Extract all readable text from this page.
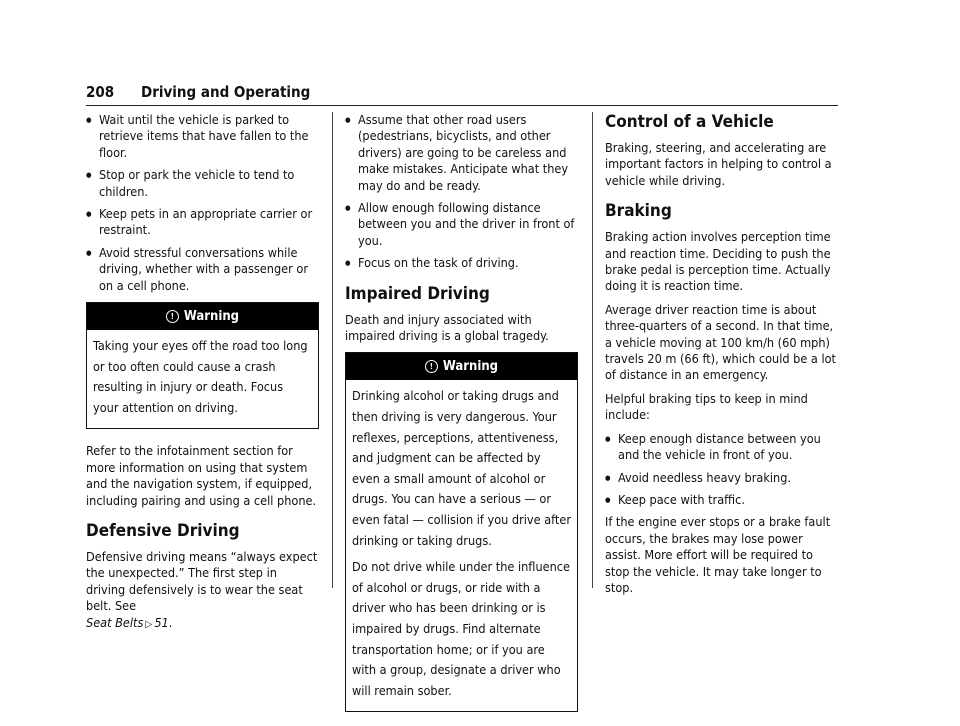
208 Driving and Operating
● Wait until the vehicle is parked to retrieve items that have fallen to the floor.
● Stop or park the vehicle to tend to children.
● Keep pets in an appropriate carrier or restraint.
● Avoid stressful conversations while driving, whether with a passenger or on a cell phone.
! Warning

Taking your eyes off the road too long or too often could cause a crash resulting in injury or death. Focus your attention on driving.

Refer to the infotainment section for more information on using that system and the navigation system, if equipped, including pairing and using a cell phone.

Defensive Driving

Defensive driving means “always expect the unexpected.” The first step in driving defensively is to wear the seat belt. See
Seat Belts ▷ 51.

● Assume that other road users (pedestrians, bicyclists, and other drivers) are going to be careless and make mistakes. Anticipate what they may do and be ready.
● Allow enough following distance between you and the driver in front of you.
● Focus on the task of driving.
Impaired Driving

Death and injury associated with impaired driving is a global tragedy.

! Warning

Drinking alcohol or taking drugs and then driving is very dangerous. Your reflexes, perceptions, attentiveness, and judgment can be affected by even a small amount of alcohol or drugs. You can have a serious — or even fatal — collision if you drive after drinking or taking drugs.

Do not drive while under the influence of alcohol or drugs, or ride with a driver who has been drinking or is impaired by drugs. Find alternate transportation home; or if you are with a group, designate a driver who will remain sober.

Control of a Vehicle

Braking, steering, and accelerating are important factors in helping to control a vehicle while driving.

Braking

Braking action involves perception time and reaction time. Deciding to push the brake pedal is perception time. Actually doing it is reaction time.

Average driver reaction time is about three-quarters of a second. In that time, a vehicle moving at 100 km/h (60 mph) travels 20 m (66 ft), which could be a lot of distance in an emergency.

Helpful braking tips to keep in mind include:

● Keep enough distance between you and the vehicle in front of you.
● Avoid needless heavy braking.
● Keep pace with traffic.

If the engine ever stops or a brake fault occurs, the brakes may lose power assist. More effort will be required to stop the vehicle. It may take longer to stop.
